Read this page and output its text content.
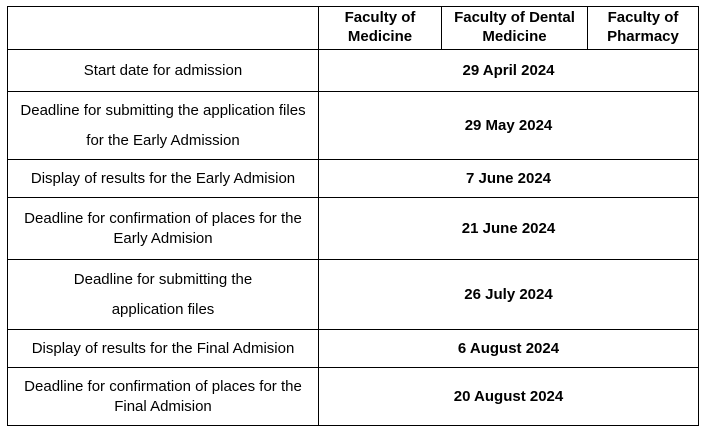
	Faculty of Medicine	Faculty of Dental Medicine	Faculty of Pharmacy
Start date for admission	29 April 2024		
Deadline for submitting the application files for the Early Admission	29 May 2024		
Display of results for the Early Admision	7 June 2024		
Deadline for confirmation of places for the Early Admision	21 June 2024		
Deadline for submitting the application files	26 July 2024		
Display of results for the Final Admision	6 August 2024		
Deadline for confirmation of places for the Final Admision	20 August 2024		
